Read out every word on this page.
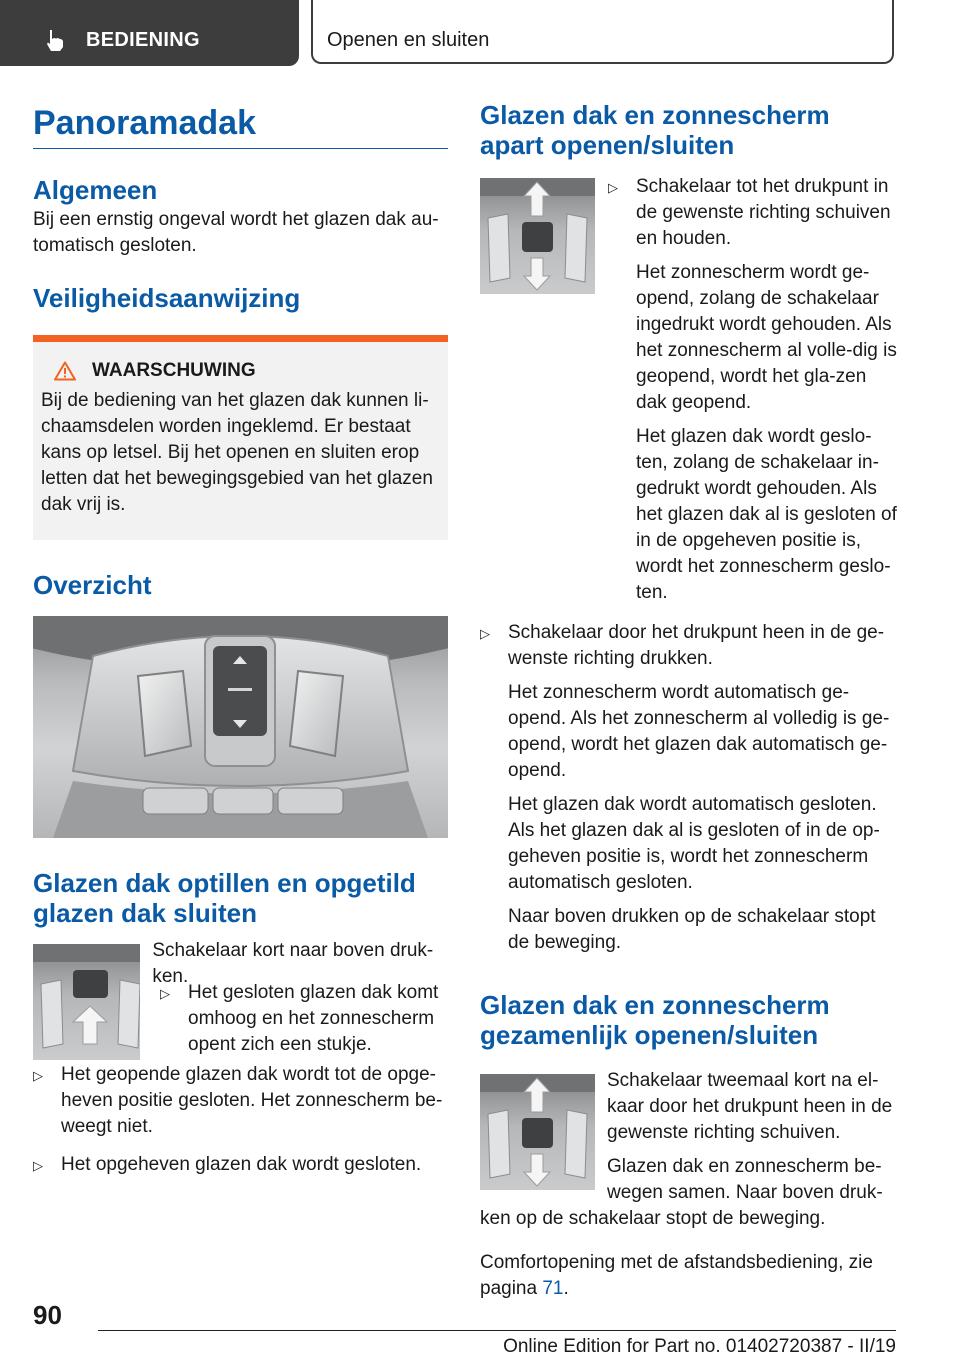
BEDIENING	Openen en sluiten
Panoramadak
Algemeen

Bij een ernstig ongeval wordt het glazen dak au-tomatisch gesloten.

Veiligheidsaanwijzing
WAARSCHUWING

Bij de bediening van het glazen dak kunnen li-chaamsdelen worden ingeklemd. Er bestaat kans op letsel. Bij het openen en sluiten erop letten dat het bewegingsgebied van het glazen dak vrij is.

Overzicht
Glazen dak optillen en opgetild glazen dak sluiten

Schakelaar kort naar boven druk-ken.

▷ Het gesloten glazen dak komt omhoog en het zonnescherm opent zich een stukje.

▷ Het geopende glazen dak wordt tot de opge-heven positie gesloten. Het zonnescherm be-weegt niet.

▷ Het opgeheven glazen dak wordt gesloten.

Glazen dak en zonnescherm apart openen/sluiten
▷ Schakelaar tot het drukpunt in de gewenste richting schuiven en houden.

Het zonnescherm wordt ge-opend, zolang de schakelaar ingedrukt wordt gehouden. Als het zonnescherm al volle-dig is geopend, wordt het gla-zen dak geopend.

Het glazen dak wordt geslo-ten, zolang de schakelaar in-gedrukt wordt gehouden. Als het glazen dak al is gesloten of in de opgeheven positie is, wordt het zonnescherm geslo-ten.

▷ Schakelaar door het drukpunt heen in de ge-wenste richting drukken.

Het zonnescherm wordt automatisch ge-opend. Als het zonnescherm al volledig is ge-opend, wordt het glazen dak automatisch ge-opend.

Het glazen dak wordt automatisch gesloten. Als het glazen dak al is gesloten of in de op-geheven positie is, wordt het zonnescherm automatisch gesloten.

Naar boven drukken op de schakelaar stopt de beweging.

Glazen dak en zonnescherm gezamenlijk openen/sluiten

Schakelaar tweemaal kort na el-kaar door het drukpunt heen in de gewenste richting schuiven.

Glazen dak en zonnescherm be-wegen samen. Naar boven druk-ken op de schakelaar stopt de beweging.

Comfortopening met de afstandsbediening, zie pagina 71.

90
Online Edition for Part no. 01402720387 - II/19
